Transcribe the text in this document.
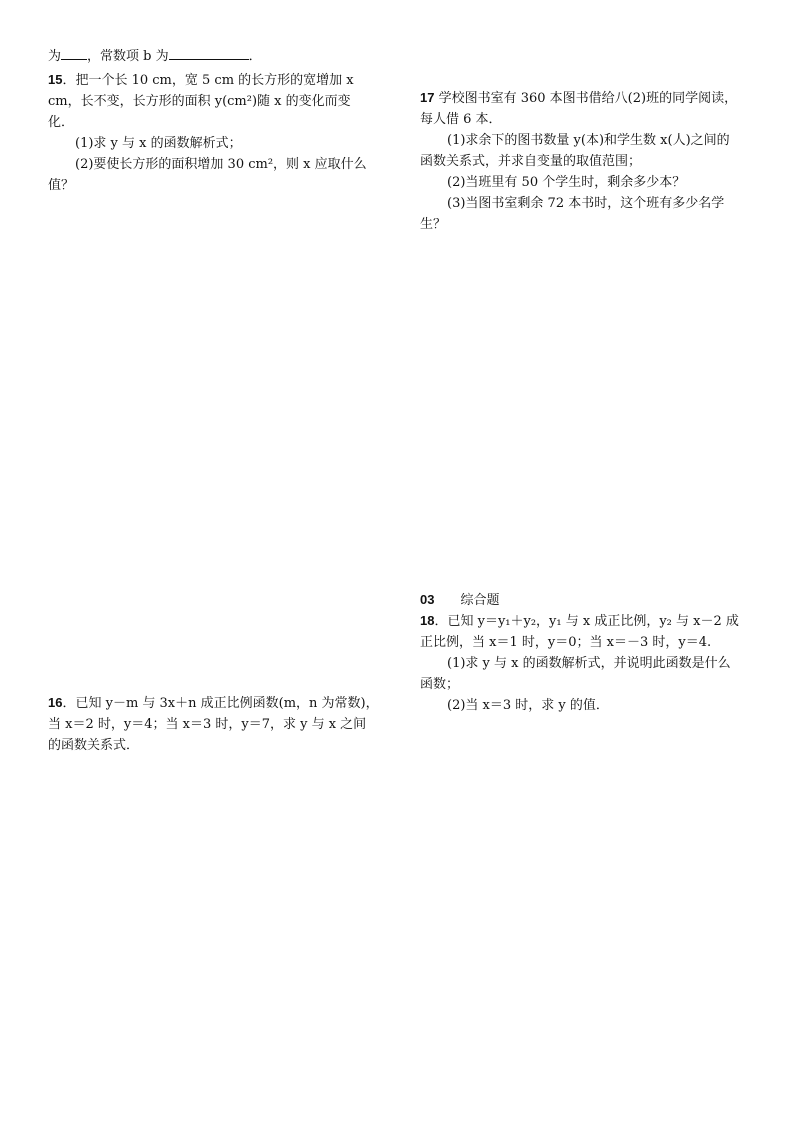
为 ，常数项 b 为	．

15．把一个长 10 cm，宽 5 cm 的长方形的宽增加 x

cm，长不变，长方形的面积 y(cm²)随 x 的变化而变

化．

(1)求 y 与 x 的函数解析式；

(2)要使长方形的面积增加 30 cm²，则 x 应取什么

值？

16．已知 y－m 与 3x＋n 成正比例函数(m，n 为常数)，

当 x＝2 时，y＝4；当 x＝3 时，y＝7，求 y 与 x 之间

的函数关系式．

17 学校图书室有 360 本图书借给八(2)班的同学阅读，

每人借 6 本．

(1)求余下的图书数量 y(本)和学生数 x(人)之间的

函数关系式，并求自变量的取值范围；

(2)当班里有 50 个学生时，剩余多少本？

(3)当图书室剩余 72 本书时，这个班有多少名学

生？

03 综合题

18．已知 y＝y₁＋y₂，y₁ 与 x 成正比例，y₂ 与 x－2 成

正比例，当 x＝1 时，y＝0；当 x＝－3 时，y＝4.

(1)求 y 与 x 的函数解析式，并说明此函数是什么

函数；

(2)当 x＝3 时，求 y 的值．
